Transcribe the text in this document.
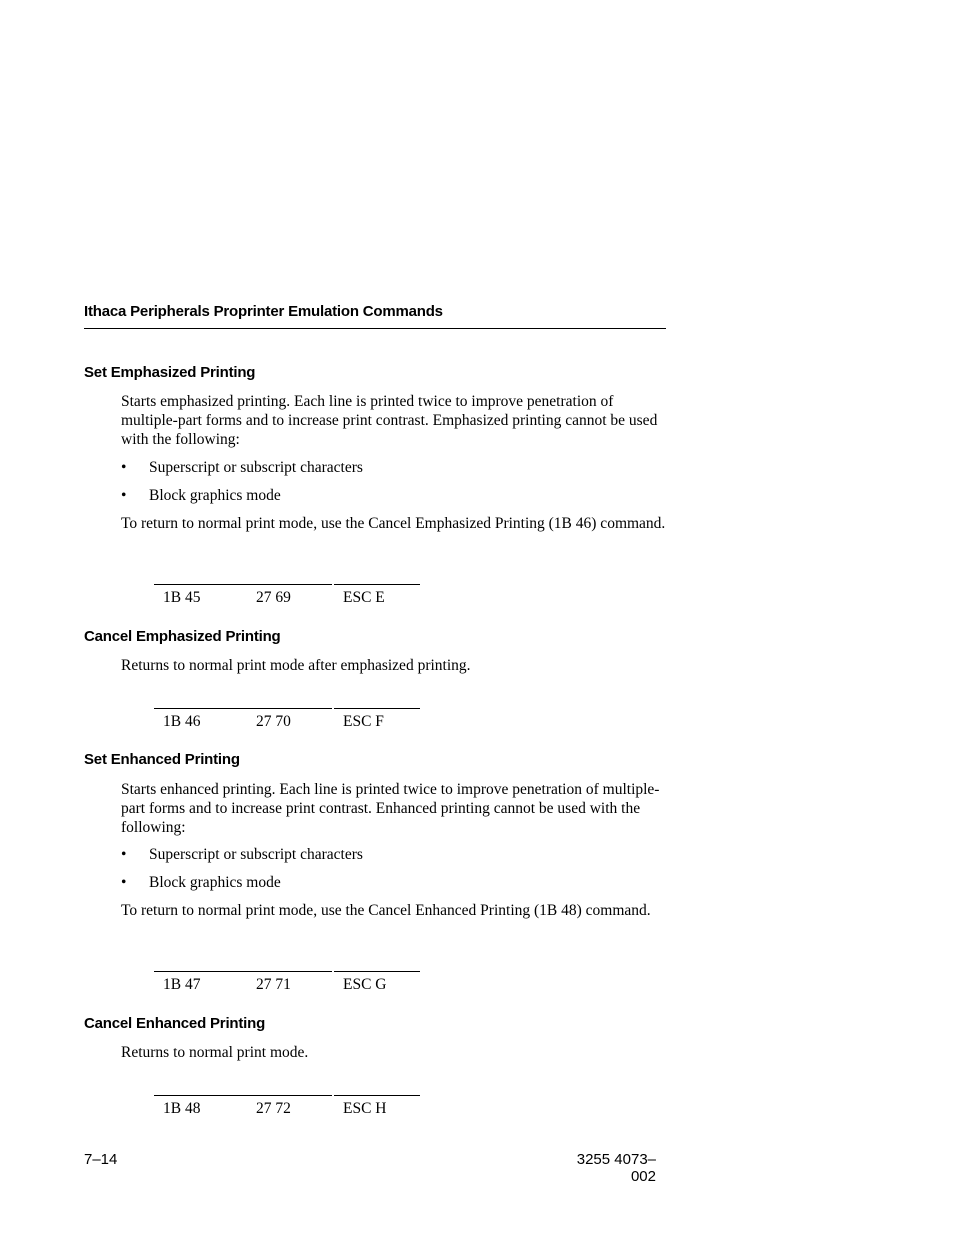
Ithaca Peripherals Proprinter Emulation Commands
Set Emphasized Printing
Starts emphasized printing. Each line is printed twice to improve penetration of multiple-part forms and to increase print contrast. Emphasized printing cannot be used with the following:
• Superscript or subscript characters
• Block graphics mode
To return to normal print mode, use the Cancel Emphasized Printing (1B 46) command.
1B 45	27 69	ESC E
Cancel Emphasized Printing
Returns to normal print mode after emphasized printing.
1B 46	27 70	ESC F
Set Enhanced Printing
Starts enhanced printing. Each line is printed twice to improve penetration of multiple-part forms and to increase print contrast. Enhanced printing cannot be used with the following:
• Superscript or subscript characters
• Block graphics mode
To return to normal print mode, use the Cancel Enhanced Printing (1B 48) command.
1B 47	27 71	ESC G
Cancel Enhanced Printing
Returns to normal print mode.
1B 48	27 72	ESC H
7–14	3255 4073–002
